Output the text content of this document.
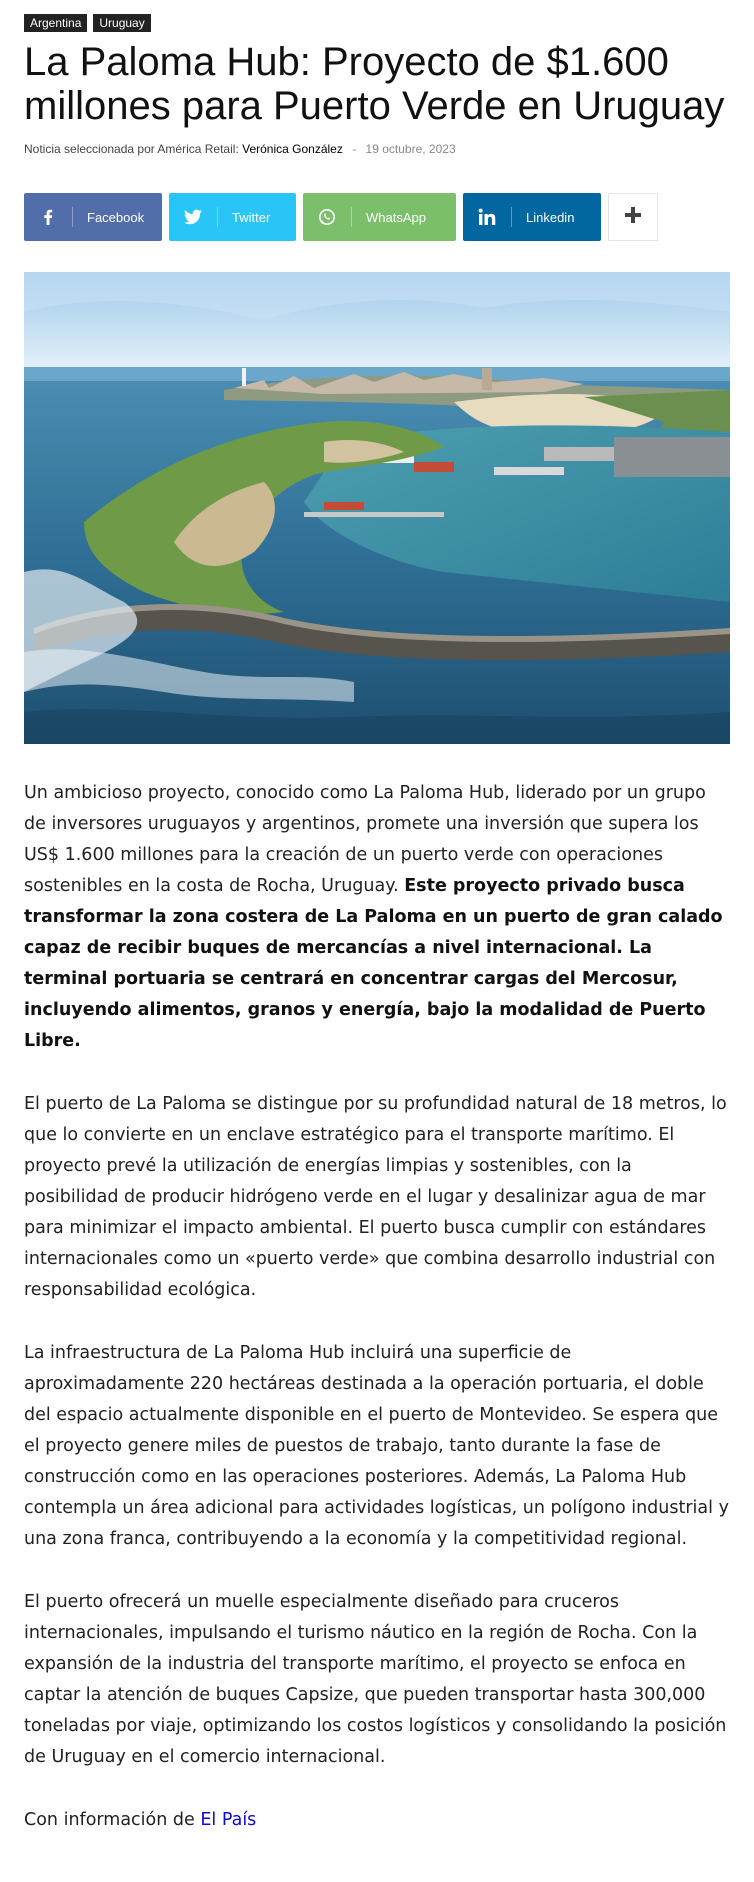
Argentina	Uruguay
La Paloma Hub: Proyecto de $1.600 millones para Puerto Verde en Uruguay
Noticia seleccionada por América Retail: Verónica González - 19 octubre, 2023
Facebook	Twitter	WhatsApp	Linkedin

Un ambicioso proyecto, conocido como La Paloma Hub, liderado por un grupo de inversores uruguayos y argentinos, promete una inversión que supera los US$ 1.600 millones para la creación de un puerto verde con operaciones sostenibles en la costa de Rocha, Uruguay. Este proyecto privado busca transformar la zona costera de La Paloma en un puerto de gran calado capaz de recibir buques de mercancías a nivel internacional. La terminal portuaria se centrará en concentrar cargas del Mercosur, incluyendo alimentos, granos y energía, bajo la modalidad de Puerto Libre.

El puerto de La Paloma se distingue por su profundidad natural de 18 metros, lo que lo convierte en un enclave estratégico para el transporte marítimo. El proyecto prevé la utilización de energías limpias y sostenibles, con la posibilidad de producir hidrógeno verde en el lugar y desalinizar agua de mar para minimizar el impacto ambiental. El puerto busca cumplir con estándares internacionales como un «puerto verde» que combina desarrollo industrial con responsabilidad ecológica.

La infraestructura de La Paloma Hub incluirá una superficie de aproximadamente 220 hectáreas destinada a la operación portuaria, el doble del espacio actualmente disponible en el puerto de Montevideo. Se espera que el proyecto genere miles de puestos de trabajo, tanto durante la fase de construcción como en las operaciones posteriores. Además, La Paloma Hub contempla un área adicional para actividades logísticas, un polígono industrial y una zona franca, contribuyendo a la economía y la competitividad regional.

El puerto ofrecerá un muelle especialmente diseñado para cruceros internacionales, impulsando el turismo náutico en la región de Rocha. Con la expansión de la industria del transporte marítimo, el proyecto se enfoca en captar la atención de buques Capsize, que pueden transportar hasta 300,000 toneladas por viaje, optimizando los costos logísticos y consolidando la posición de Uruguay en el comercio internacional.

Con información de El País
